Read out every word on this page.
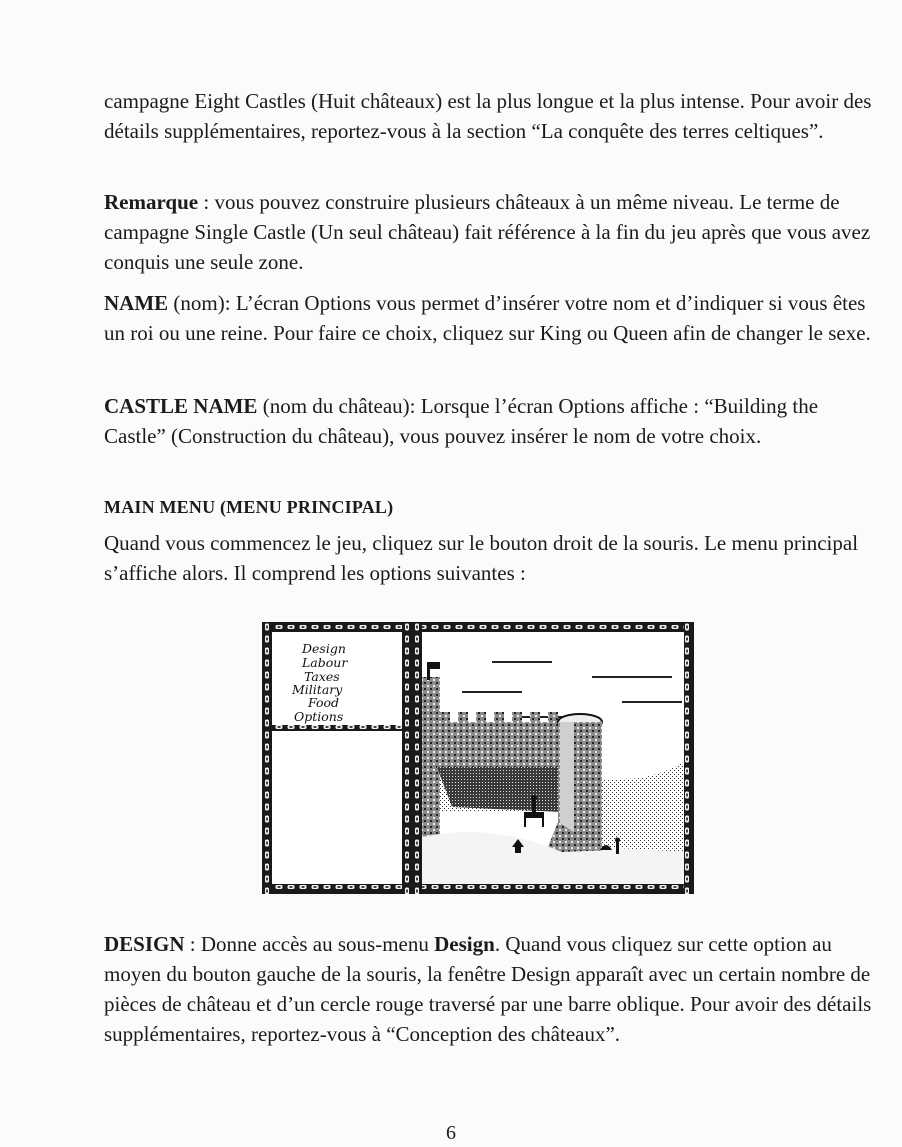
campagne Eight Castles (Huit châteaux) est la plus longue et la plus intense. Pour avoir des détails supplémentaires, reportez-vous à la section “La conquête des terres celtiques”.

Remarque : vous pouvez construire plusieurs châteaux à un même niveau. Le terme de campagne Single Castle (Un seul château) fait référence à la fin du jeu après que vous avez conquis une seule zone.

NAME (nom): L’écran Options vous permet d’insérer votre nom et d’indiquer si vous êtes un roi ou une reine. Pour faire ce choix, cliquez sur King ou Queen afin de changer le sexe.

CASTLE NAME (nom du château): Lorsque l’écran Options affiche : “Building the Castle” (Construction du château), vous pouvez insérer le nom de votre choix.

MAIN MENU (MENU PRINCIPAL)

Quand vous commencez le jeu, cliquez sur le bouton droit de la souris. Le menu principal s’affiche alors. Il comprend les options suivantes :

Design
Labour
Taxes
Military
Food
Options

DESIGN : Donne accès au sous-menu Design. Quand vous cliquez sur cette option au moyen du bouton gauche de la souris, la fenêtre Design apparaît avec un certain nombre de pièces de château et d’un cercle rouge traversé par une barre oblique. Pour avoir des détails supplémentaires, reportez-vous à “Conception des châteaux”.

6
